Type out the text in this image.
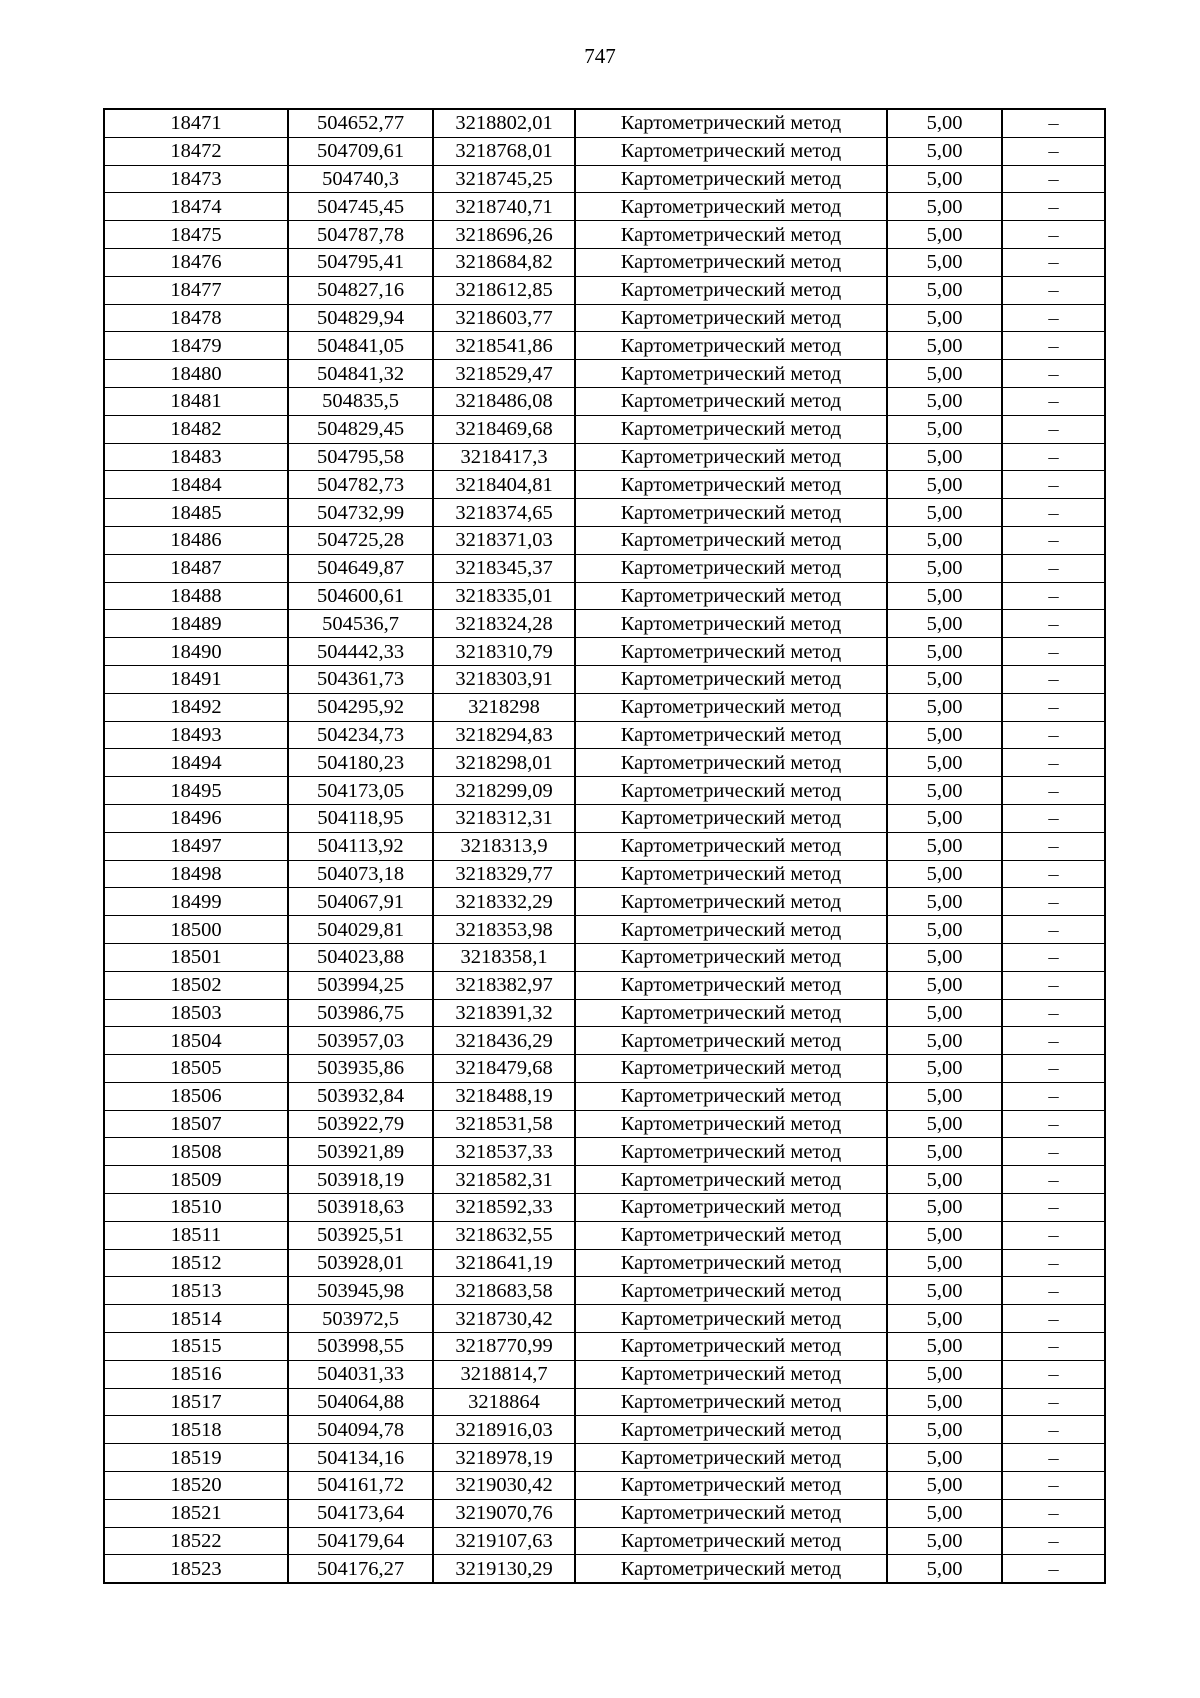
747
18471	504652,77	3218802,01	Картометрический метод	5,00	–
18472	504709,61	3218768,01	Картометрический метод	5,00	–
18473	504740,3	3218745,25	Картометрический метод	5,00	–
18474	504745,45	3218740,71	Картометрический метод	5,00	–
18475	504787,78	3218696,26	Картометрический метод	5,00	–
18476	504795,41	3218684,82	Картометрический метод	5,00	–
18477	504827,16	3218612,85	Картометрический метод	5,00	–
18478	504829,94	3218603,77	Картометрический метод	5,00	–
18479	504841,05	3218541,86	Картометрический метод	5,00	–
18480	504841,32	3218529,47	Картометрический метод	5,00	–
18481	504835,5	3218486,08	Картометрический метод	5,00	–
18482	504829,45	3218469,68	Картометрический метод	5,00	–
18483	504795,58	3218417,3	Картометрический метод	5,00	–
18484	504782,73	3218404,81	Картометрический метод	5,00	–
18485	504732,99	3218374,65	Картометрический метод	5,00	–
18486	504725,28	3218371,03	Картометрический метод	5,00	–
18487	504649,87	3218345,37	Картометрический метод	5,00	–
18488	504600,61	3218335,01	Картометрический метод	5,00	–
18489	504536,7	3218324,28	Картометрический метод	5,00	–
18490	504442,33	3218310,79	Картометрический метод	5,00	–
18491	504361,73	3218303,91	Картометрический метод	5,00	–
18492	504295,92	3218298	Картометрический метод	5,00	–
18493	504234,73	3218294,83	Картометрический метод	5,00	–
18494	504180,23	3218298,01	Картометрический метод	5,00	–
18495	504173,05	3218299,09	Картометрический метод	5,00	–
18496	504118,95	3218312,31	Картометрический метод	5,00	–
18497	504113,92	3218313,9	Картометрический метод	5,00	–
18498	504073,18	3218329,77	Картометрический метод	5,00	–
18499	504067,91	3218332,29	Картометрический метод	5,00	–
18500	504029,81	3218353,98	Картометрический метод	5,00	–
18501	504023,88	3218358,1	Картометрический метод	5,00	–
18502	503994,25	3218382,97	Картометрический метод	5,00	–
18503	503986,75	3218391,32	Картометрический метод	5,00	–
18504	503957,03	3218436,29	Картометрический метод	5,00	–
18505	503935,86	3218479,68	Картометрический метод	5,00	–
18506	503932,84	3218488,19	Картометрический метод	5,00	–
18507	503922,79	3218531,58	Картометрический метод	5,00	–
18508	503921,89	3218537,33	Картометрический метод	5,00	–
18509	503918,19	3218582,31	Картометрический метод	5,00	–
18510	503918,63	3218592,33	Картометрический метод	5,00	–
18511	503925,51	3218632,55	Картометрический метод	5,00	–
18512	503928,01	3218641,19	Картометрический метод	5,00	–
18513	503945,98	3218683,58	Картометрический метод	5,00	–
18514	503972,5	3218730,42	Картометрический метод	5,00	–
18515	503998,55	3218770,99	Картометрический метод	5,00	–
18516	504031,33	3218814,7	Картометрический метод	5,00	–
18517	504064,88	3218864	Картометрический метод	5,00	–
18518	504094,78	3218916,03	Картометрический метод	5,00	–
18519	504134,16	3218978,19	Картометрический метод	5,00	–
18520	504161,72	3219030,42	Картометрический метод	5,00	–
18521	504173,64	3219070,76	Картометрический метод	5,00	–
18522	504179,64	3219107,63	Картометрический метод	5,00	–
18523	504176,27	3219130,29	Картометрический метод	5,00	–
